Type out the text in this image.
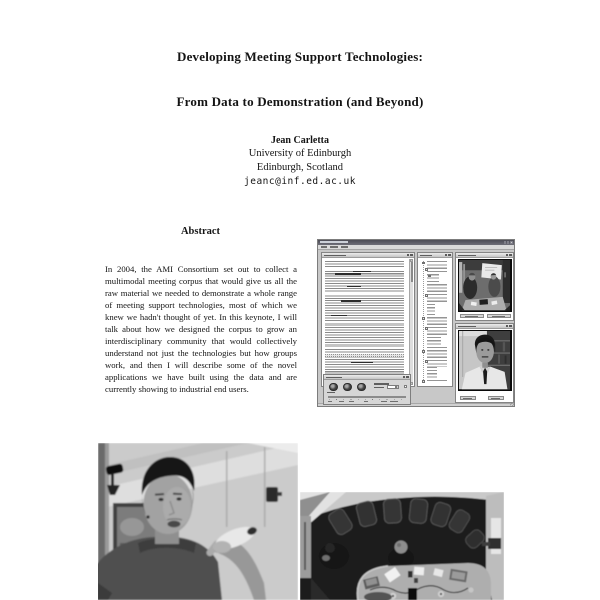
Developing Meeting Support Technologies:
From Data to Demonstration (and Beyond)
Jean Carletta
University of Edinburgh
Edinburgh, Scotland
jeanc@inf.ed.ac.uk
Abstract
In 2004, the AMI Consortium set out to collect a multimodal meeting corpus that would give us all the raw material we needed to demonstrate a whole range of meeting support technologies, most of which we knew we hadn't thought of yet. In this keynote, I will talk about how we designed the corpus to grow an interdisciplinary community that would collectively understand not just the technologies but how groups work, and then I will describe some of the novel applications we have built using the data and are currently showing to industrial end users.
